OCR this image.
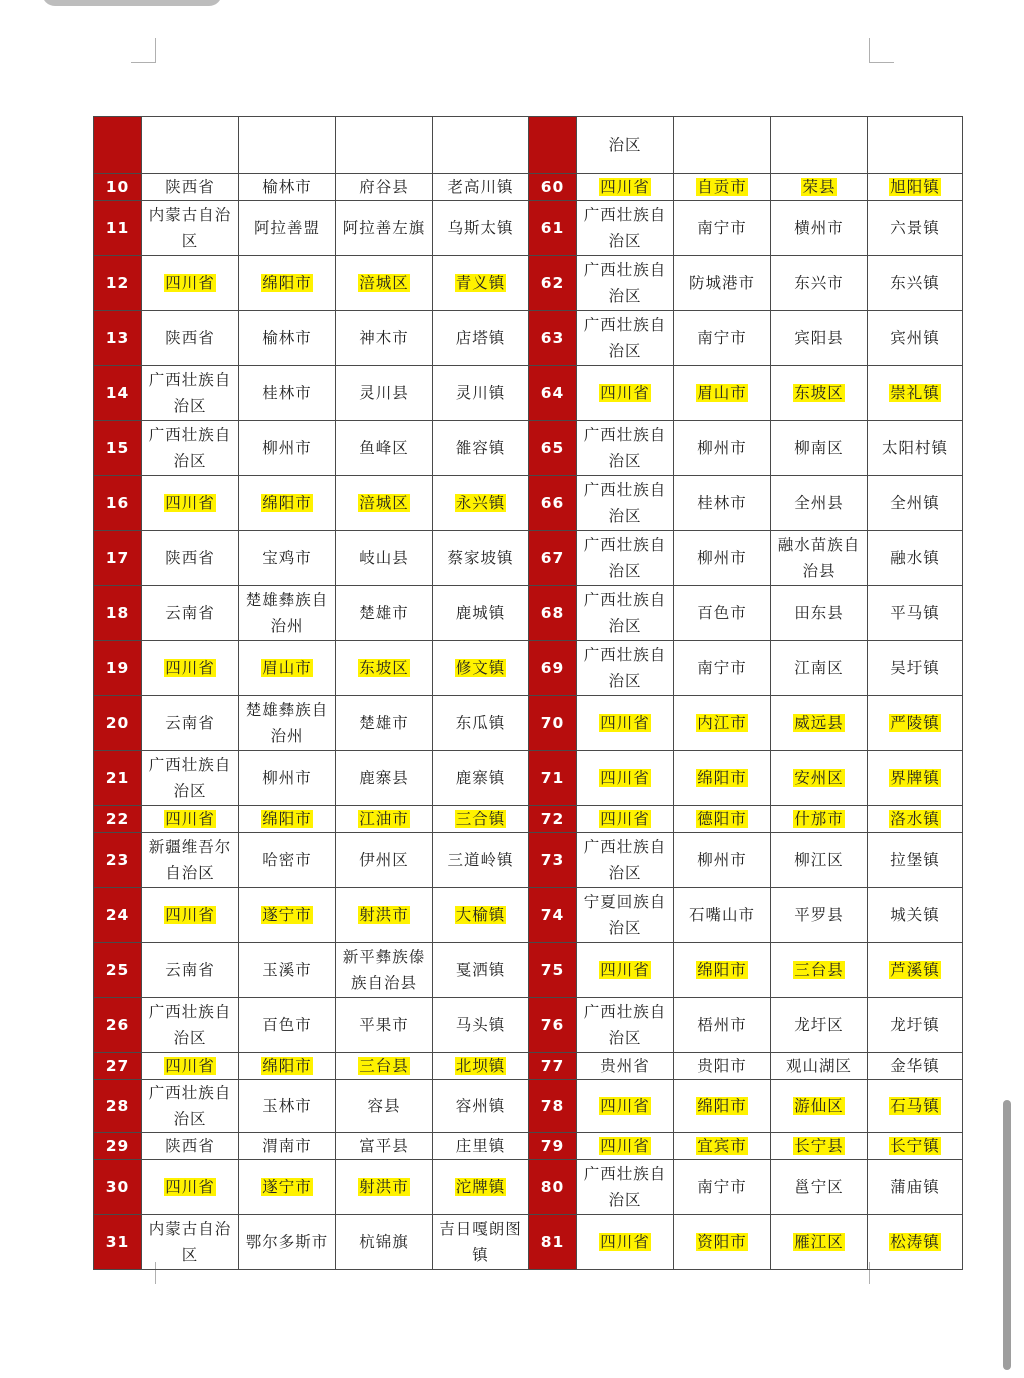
						治区			
10	陕西省	榆林市	府谷县	老高川镇	60	四川省	自贡市	荣县	旭阳镇
11	内蒙古自治区	阿拉善盟	阿拉善左旗	乌斯太镇	61	广西壮族自治区	南宁市	横州市	六景镇
12	四川省	绵阳市	涪城区	青义镇	62	广西壮族自治区	防城港市	东兴市	东兴镇
13	陕西省	榆林市	神木市	店塔镇	63	广西壮族自治区	南宁市	宾阳县	宾州镇
14	广西壮族自治区	桂林市	灵川县	灵川镇	64	四川省	眉山市	东坡区	崇礼镇
15	广西壮族自治区	柳州市	鱼峰区	雒容镇	65	广西壮族自治区	柳州市	柳南区	太阳村镇
16	四川省	绵阳市	涪城区	永兴镇	66	广西壮族自治区	桂林市	全州县	全州镇
17	陕西省	宝鸡市	岐山县	蔡家坡镇	67	广西壮族自治区	柳州市	融水苗族自治县	融水镇
18	云南省	楚雄彝族自治州	楚雄市	鹿城镇	68	广西壮族自治区	百色市	田东县	平马镇
19	四川省	眉山市	东坡区	修文镇	69	广西壮族自治区	南宁市	江南区	吴圩镇
20	云南省	楚雄彝族自治州	楚雄市	东瓜镇	70	四川省	内江市	威远县	严陵镇
21	广西壮族自治区	柳州市	鹿寨县	鹿寨镇	71	四川省	绵阳市	安州区	界牌镇
22	四川省	绵阳市	江油市	三合镇	72	四川省	德阳市	什邡市	洛水镇
23	新疆维吾尔自治区	哈密市	伊州区	三道岭镇	73	广西壮族自治区	柳州市	柳江区	拉堡镇
24	四川省	遂宁市	射洪市	大榆镇	74	宁夏回族自治区	石嘴山市	平罗县	城关镇
25	云南省	玉溪市	新平彝族傣族自治县	戛洒镇	75	四川省	绵阳市	三台县	芦溪镇
26	广西壮族自治区	百色市	平果市	马头镇	76	广西壮族自治区	梧州市	龙圩区	龙圩镇
27	四川省	绵阳市	三台县	北坝镇	77	贵州省	贵阳市	观山湖区	金华镇
28	广西壮族自治区	玉林市	容县	容州镇	78	四川省	绵阳市	游仙区	石马镇
29	陕西省	渭南市	富平县	庄里镇	79	四川省	宜宾市	长宁县	长宁镇
30	四川省	遂宁市	射洪市	沱牌镇	80	广西壮族自治区	南宁市	邕宁区	蒲庙镇
31	内蒙古自治区	鄂尔多斯市	杭锦旗	吉日嘎朗图镇	81	四川省	资阳市	雁江区	松涛镇
